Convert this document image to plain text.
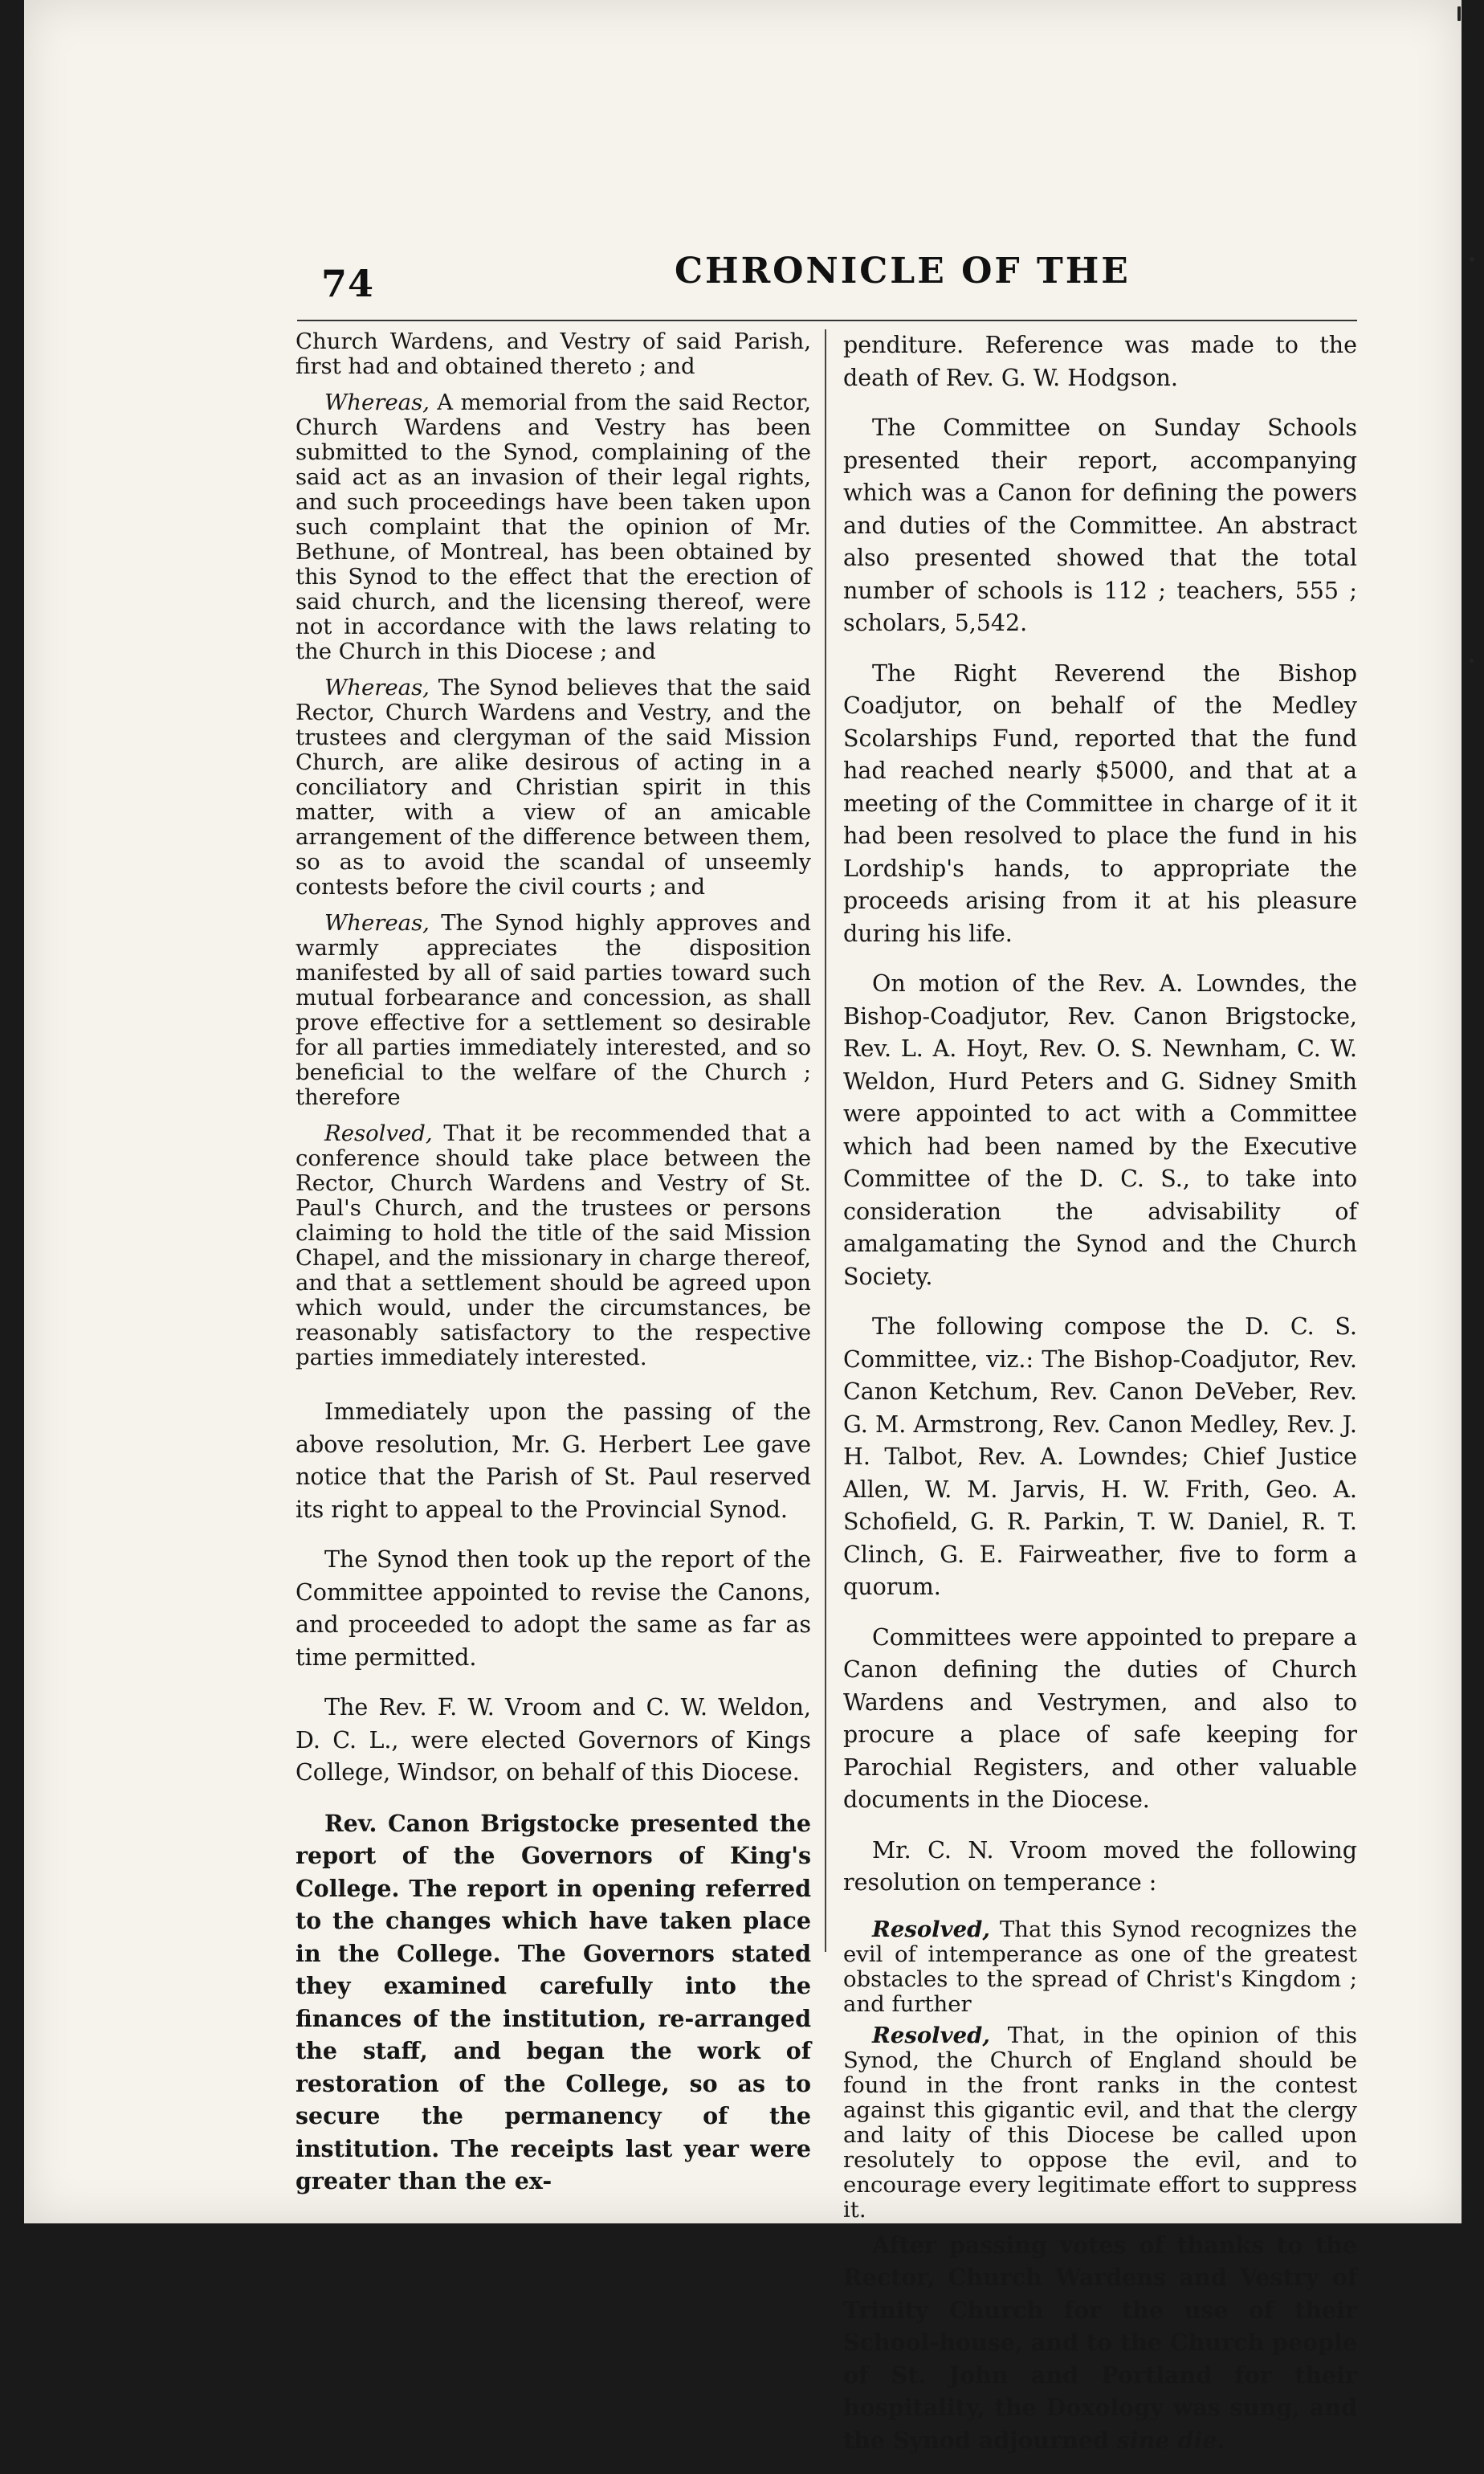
74	CHRONICLE OF THE

Church Wardens, and Vestry of said Parish, first had and obtained thereto ; and

Whereas, A memorial from the said Rector, Church Wardens and Vestry has been submitted to the Synod, complaining of the said act as an invasion of their legal rights, and such proceedings have been taken upon such complaint that the opinion of Mr. Bethune, of Montreal, has been obtained by this Synod to the effect that the erection of said church, and the licensing thereof, were not in accordance with the laws relating to the Church in this Diocese ; and

Whereas, The Synod believes that the said Rector, Church Wardens and Vestry, and the trustees and clergyman of the said Mission Church, are alike desirous of acting in a conciliatory and Christian spirit in this matter, with a view of an amicable arrangement of the difference between them, so as to avoid the scandal of unseemly contests before the civil courts ; and

Whereas, The Synod highly approves and warmly appreciates the disposition manifested by all of said parties toward such mutual forbearance and concession, as shall prove effective for a settlement so desirable for all parties immediately interested, and so beneficial to the welfare of the Church ; therefore

Resolved, That it be recommended that a conference should take place between the Rector, Church Wardens and Vestry of St. Paul's Church, and the trustees or persons claiming to hold the title of the said Mission Chapel, and the missionary in charge thereof, and that a settlement should be agreed upon which would, under the circumstances, be reasonably satisfactory to the respective parties immediately interested.

Immediately upon the passing of the above resolution, Mr. G. Herbert Lee gave notice that the Parish of St. Paul reserved its right to appeal to the Provincial Synod.

The Synod then took up the report of the Committee appointed to revise the Canons, and proceeded to adopt the same as far as time permitted.

The Rev. F. W. Vroom and C. W. Weldon, D. C. L., were elected Governors of Kings College, Windsor, on behalf of this Diocese.

Rev. Canon Brigstocke presented the report of the Governors of King's College. The report in opening referred to the changes which have taken place in the College. The Governors stated they examined carefully into the finances of the institution, re-arranged the staff, and began the work of restoration of the College, so as to secure the permanency of the institution. The receipts last year were greater than the ex-

penditure. Reference was made to the death of Rev. G. W. Hodgson.

The Committee on Sunday Schools presented their report, accompanying which was a Canon for defining the powers and duties of the Committee. An abstract also presented showed that the total number of schools is 112 ; teachers, 555 ; scholars, 5,542.

The Right Reverend the Bishop Coadjutor, on behalf of the Medley Scolarships Fund, reported that the fund had reached nearly $5000, and that at a meeting of the Committee in charge of it it had been resolved to place the fund in his Lordship's hands, to appropriate the proceeds arising from it at his pleasure during his life.

On motion of the Rev. A. Lowndes, the Bishop-Coadjutor, Rev. Canon Brigstocke, Rev. L. A. Hoyt, Rev. O. S. Newnham, C. W. Weldon, Hurd Peters and G. Sidney Smith were appointed to act with a Committee which had been named by the Executive Committee of the D. C. S., to take into consideration the advisability of amalgamating the Synod and the Church Society.

The following compose the D. C. S. Committee, viz.: The Bishop-Coadjutor, Rev. Canon Ketchum, Rev. Canon DeVeber, Rev. G. M. Armstrong, Rev. Canon Medley, Rev. J. H. Talbot, Rev. A. Lowndes; Chief Justice Allen, W. M. Jarvis, H. W. Frith, Geo. A. Schofield, G. R. Parkin, T. W. Daniel, R. T. Clinch, G. E. Fairweather, five to form a quorum.

Committees were appointed to prepare a Canon defining the duties of Church Wardens and Vestrymen, and also to procure a place of safe keeping for Parochial Registers, and other valuable documents in the Diocese.

Mr. C. N. Vroom moved the following resolution on temperance :

Resolved, That this Synod recognizes the evil of intemperance as one of the greatest obstacles to the spread of Christ's Kingdom ; and further

Resolved, That, in the opinion of this Synod, the Church of England should be found in the front ranks in the contest against this gigantic evil, and that the clergy and laity of this Diocese be called upon resolutely to oppose the evil, and to encourage every legitimate effort to suppress it.

After passing votes of thanks to the Rector, Church Wardens and Vestry of Trinity Church for the use of their School-house, and to the Church people of St. John and Portland for their hospitality, the Doxology was sung, and the Synod adjourned sine die.
